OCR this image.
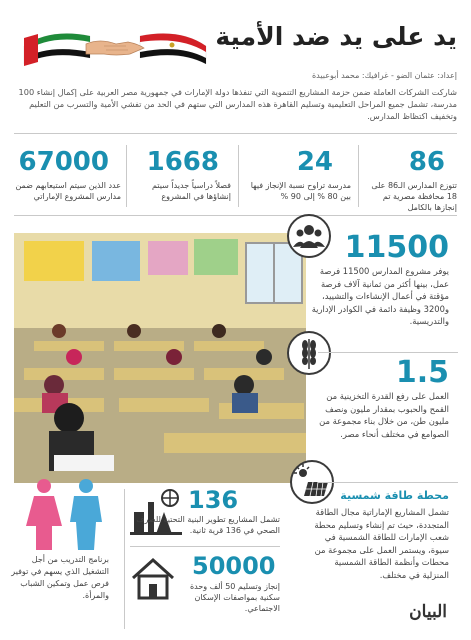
يد على يد ضد الأمية
إعداد: عثمان الضو - غرافيك: محمد أبوعبيدة
شاركت الشركات العاملة ضمن حزمة المشاريع التنموية التي تنفذها دولة الإمارات في جمهورية مصر العربية على إكمال إنشاء 100 مدرسة، تشمل جميع المراحل التعليمية وتسليم القاهرة هذه المدارس التي ستهم في الحد من تفشي الأمية والتسرب من التعليم وتخفيف اكتظاظ المدارس.
86
تتوزع المدارس الـ86 على 18 محافظة مصرية تم إنجازها بالكامل
24
مدرسة تراوح نسبة الإنجاز فيها بين 80 % إلى 90 %
1668
فصلاً دراسياً جديداً سيتم إنشاؤها في المشروع
67000
عدد الذين سيتم استيعابهم ضمن مدارس المشروع الإماراتي
11500
يوفر مشروع المدارس 11500 فرصة عمل، بينها أكثر من ثمانية آلاف فرصة مؤقتة في أعمال الإنشاءات والتشييد، و3200 وظيفة دائمة في الكوادر الإدارية والتدريسية.
1.5
العمل على رفع القدرة التخزينية من القمح والحبوب بمقدار مليون ونصف مليون طن، من خلال بناء مجموعة من الصوامع في مختلف أنحاء مصر.
محطة طاقة شمسية
تشمل المشاريع الإماراتية مجال الطاقة المتجددة، حيث تم إنشاء وتسليم محطة شعب الإمارات للطاقة الشمسية في سيوة، ويستمر العمل على مجموعة من محطات وأنظمة الطاقة الشمسية المنزلية في مختلف.
برنامج التدريب من أجل التشغيل الذي يسهم في توفير فرص عمل وتمكين الشباب والمرأة.
136
تشمل المشاريع تطوير البنية التحتية للصرف الصحي في 136 قرية ثانية.
50000
إنجاز وتسليم 50 ألف وحدة سكنية بمواصفات الإسكان الاجتماعي.	البيان
